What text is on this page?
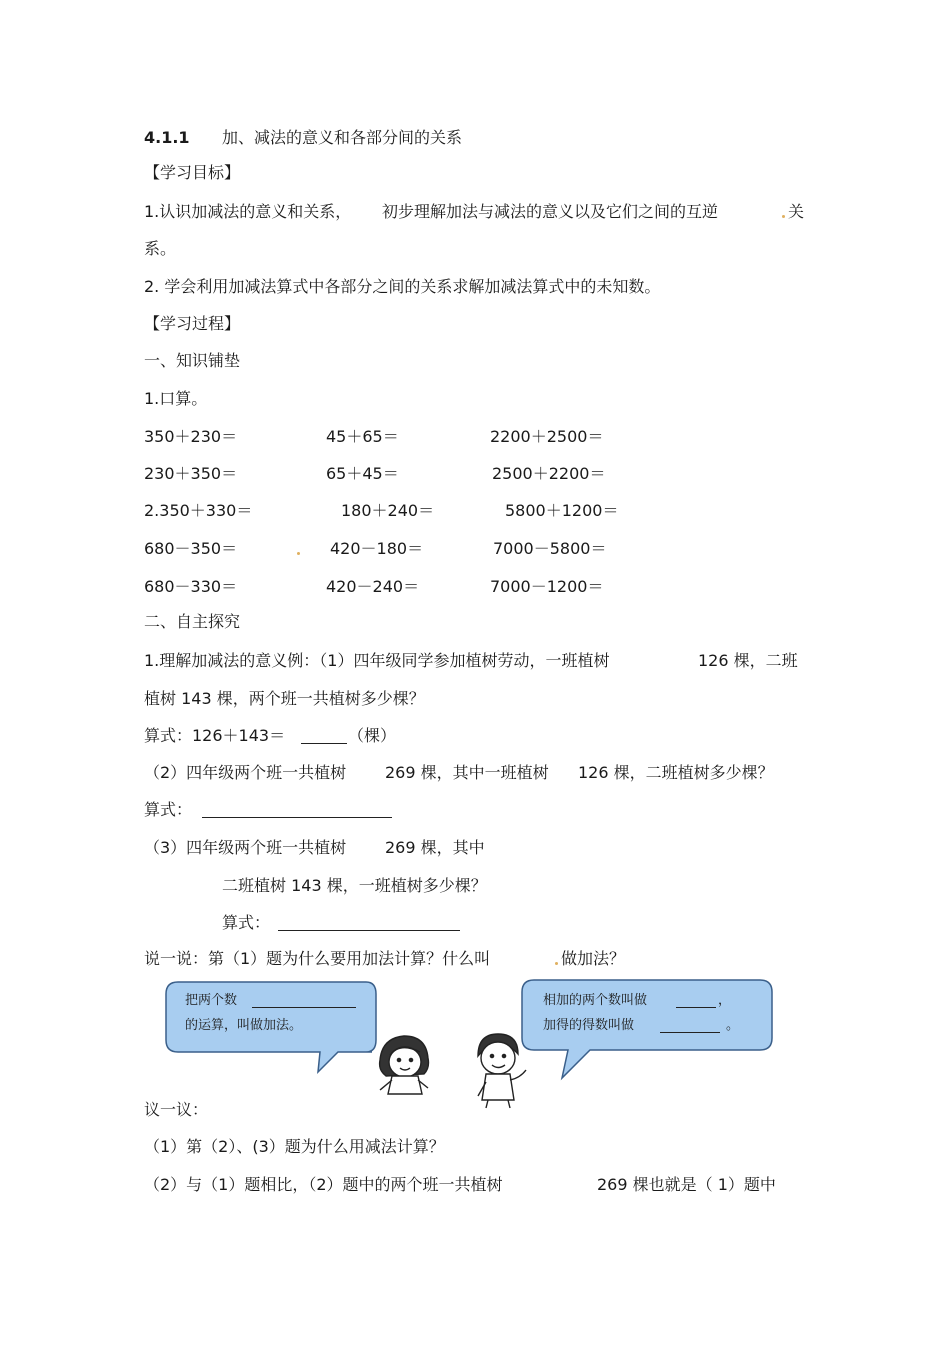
4.1.1 加、减法的意义和各部分间的关系
【学习目标】
1.认识加减法的意义和关系， 初步理解加法与减法的意义以及它们之间的互逆	关
系。
2. 学会利用加减法算式中各部分之间的关系求解加减法算式中的未知数。
【学习过程】
一、知识铺垫
1.口算。
350＋230＝	45＋65＝	2200＋2500＝
230＋350＝	65＋45＝	2500＋2200＝
2.350＋330＝	180＋240＝	5800＋1200＝
680－350＝	420－180＝	7000－5800＝
680－330＝	420－240＝	7000－1200＝
二、自主探究
1.理解加减法的意义例：（1）四年级同学参加植树劳动，一班植树	126 棵，二班
植树 143 棵，两个班一共植树多少棵？
算式：126＋143＝	（棵）
（2）四年级两个班一共植树 269 棵，其中一班植树 126 棵，二班植树多少棵？
算式：
（3）四年级两个班一共植树 269 棵，其中
二班植树 143 棵，一班植树多少棵？
算式：
说一说：第（1）题为什么要用加法计算？什么叫	做加法？
把两个数
的运算，叫做加法。
相加的两个数叫做	，
加得的得数叫做	。
议一议：
（1）第（2）、(3）题为什么用减法计算？
（2）与（1）题相比，（2）题中的两个班一共植树	269 棵也就是（ 1）题中
